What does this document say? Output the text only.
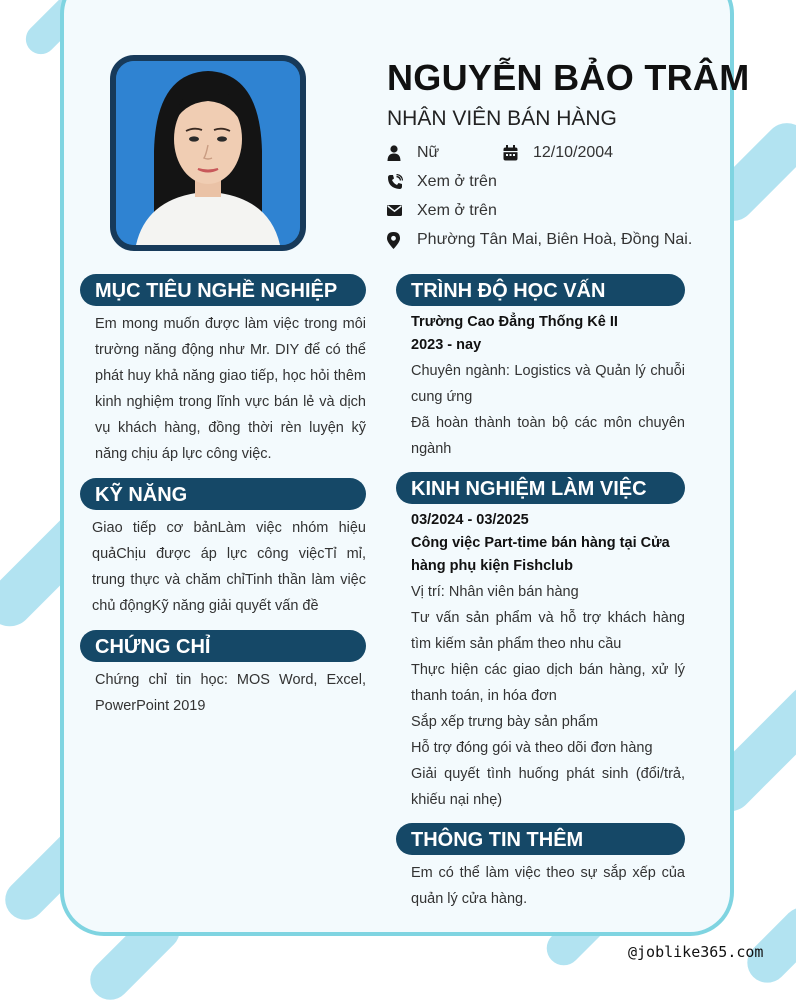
NGUYỄN BẢO TRÂM
NHÂN VIÊN BÁN HÀNG
Nữ	12/10/2004
Xem ở trên
Xem ở trên
Phường Tân Mai, Biên Hoà, Đồng Nai.
MỤC TIÊU NGHỀ NGHIỆP
Em mong muốn được làm việc trong môi trường năng động như Mr. DIY để có thể phát huy khả năng giao tiếp, học hỏi thêm kinh nghiệm trong lĩnh vực bán lẻ và dịch vụ khách hàng, đồng thời rèn luyện kỹ năng chịu áp lực công việc.
KỸ NĂNG
Giao tiếp cơ bảnLàm việc nhóm hiệu quảChịu được áp lực công việcTỉ mỉ, trung thực và chăm chỉTinh thần làm việc chủ độngKỹ năng giải quyết vấn đề
CHỨNG CHỈ
Chứng chỉ tin học: MOS Word, Excel, PowerPoint 2019
TRÌNH ĐỘ HỌC VẤN
Trường Cao Đẳng Thống Kê II
2023 - nay
Chuyên ngành: Logistics và Quản lý chuỗi cung ứng
Đã hoàn thành toàn bộ các môn chuyên ngành
KINH NGHIỆM LÀM VIỆC
03/2024 - 03/2025
Công việc Part-time bán hàng tại Cửa hàng phụ kiện Fishclub
Vị trí: Nhân viên bán hàng
Tư vấn sản phẩm và hỗ trợ khách hàng tìm kiếm sản phẩm theo nhu cầu
Thực hiện các giao dịch bán hàng, xử lý thanh toán, in hóa đơn
Sắp xếp trưng bày sản phẩm
Hỗ trợ đóng gói và theo dõi đơn hàng
Giải quyết tình huống phát sinh (đổi/trả, khiếu nại nhẹ)
THÔNG TIN THÊM
Em có thể làm việc theo sự sắp xếp của quản lý cửa hàng.
@joblike365.com
